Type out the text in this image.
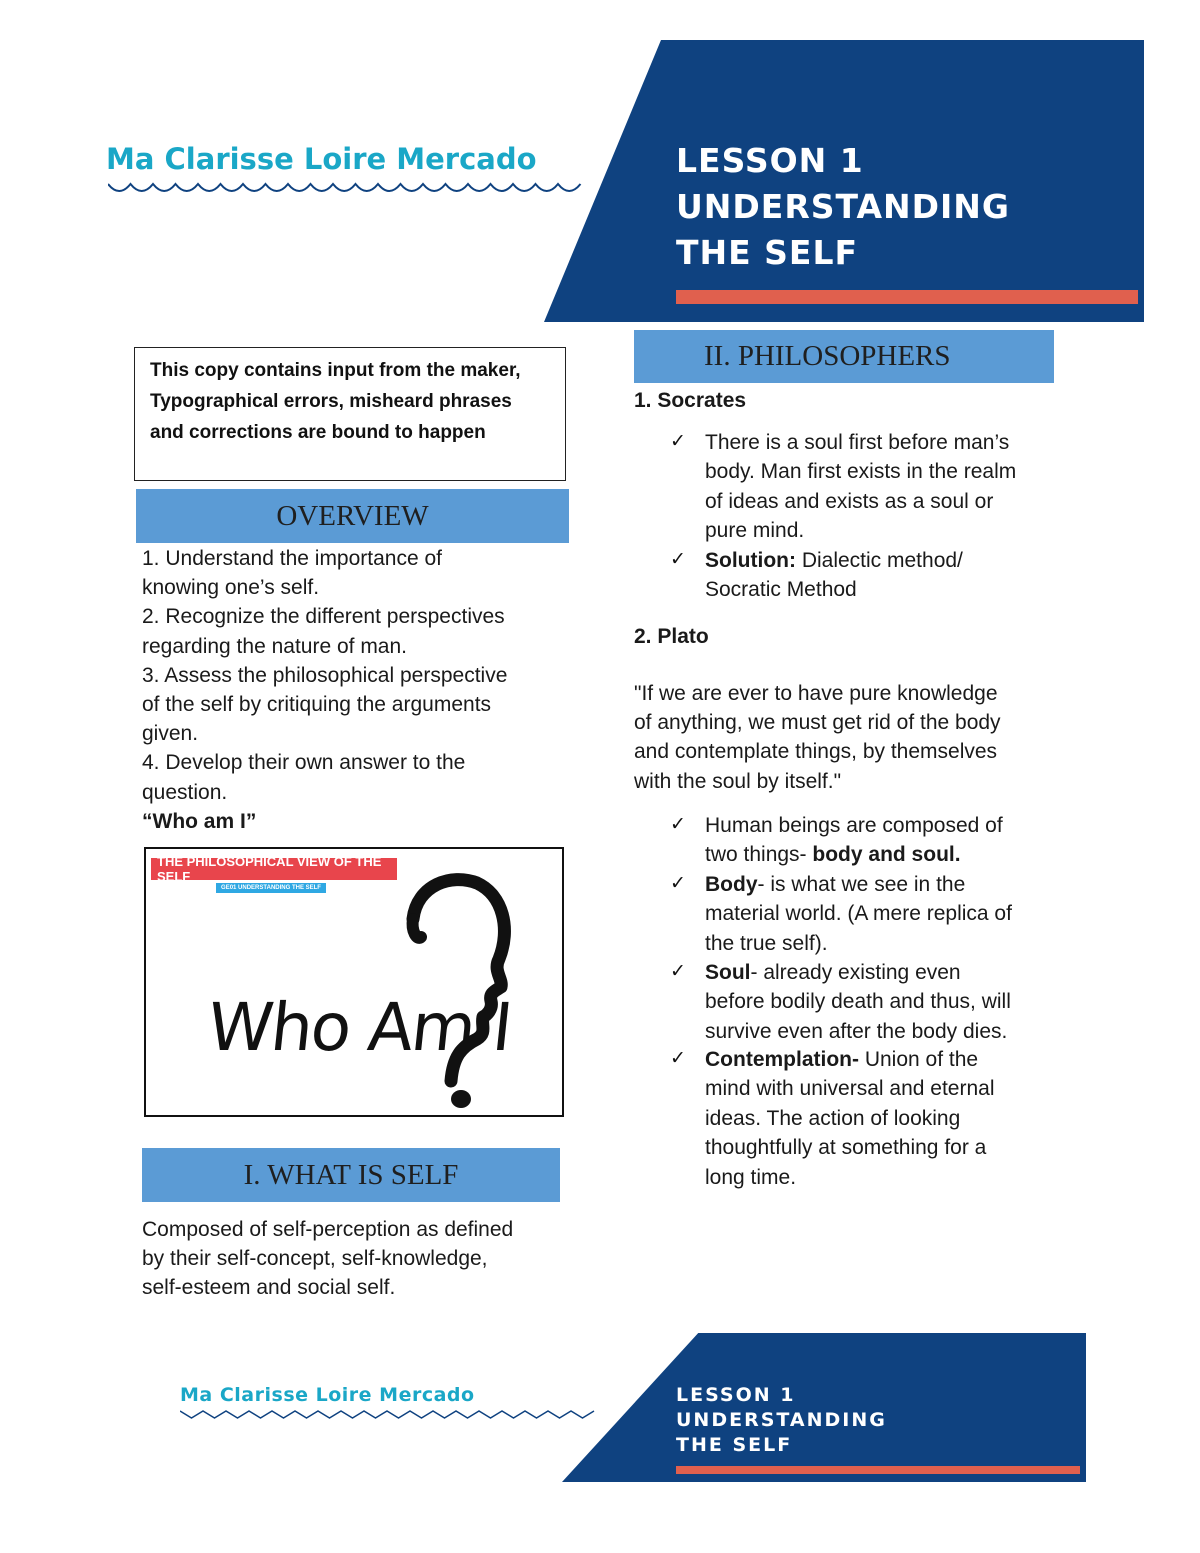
LESSON 1
UNDERSTANDING
THE SELF
Ma Clarisse Loire Mercado
This copy contains input from the maker,
Typographical errors, misheard phrases
and corrections are bound to happen
OVERVIEW
1. Understand the importance of
knowing one’s self.
2. Recognize the different perspectives
regarding the nature of man.
3. Assess the philosophical perspective
of the self by critiquing the arguments
given.
4. Develop their own answer to the
question.
“Who am I”
THE PHILOSOPHICAL VIEW OF THE SELF
GE01 UNDERSTANDING THE SELF
Who Am I
I. WHAT IS SELF
Composed of self-perception as defined
by their self-concept, self-knowledge,
self-esteem and social self.
II. PHILOSOPHERS
1. Socrates
✓ There is a soul first before man’s
body. Man first exists in the realm
of ideas and exists as a soul or
pure mind.
✓ Solution: Dialectic method/
Socratic Method
2. Plato
"If we are ever to have pure knowledge
of anything, we must get rid of the body
and contemplate things, by themselves
with the soul by itself."
✓ Human beings are composed of
two things- body and soul.
✓ Body- is what we see in the
material world. (A mere replica of
the true self).
✓ Soul- already existing even
before bodily death and thus, will
survive even after the body dies.
✓ Contemplation- Union of the
mind with universal and eternal
ideas. The action of looking
thoughtfully at something for a
long time.
LESSON 1
UNDERSTANDING
THE SELF
Ma Clarisse Loire Mercado
